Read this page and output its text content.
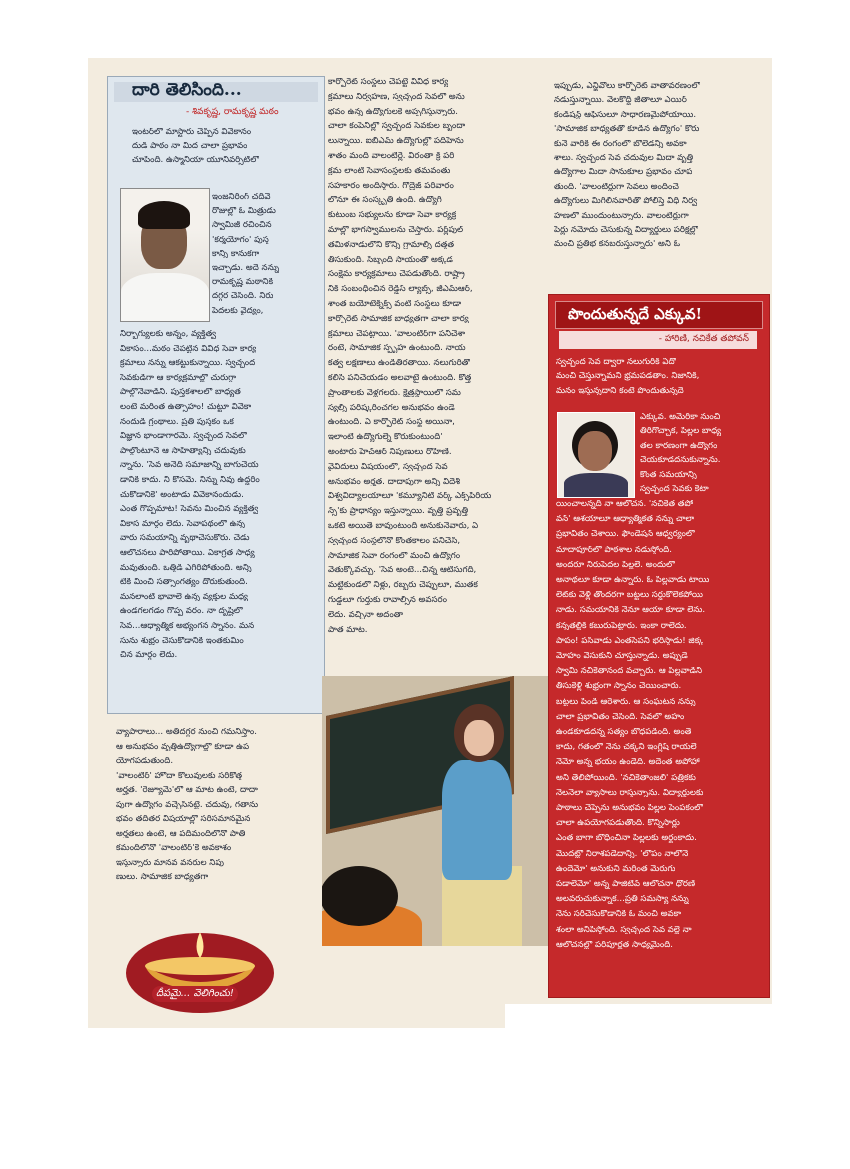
దారి తెలిసింది...
- శివకృష్ణ, రామకృష్ణ మఠం
ఇంటర్‌లో మాస్టారు చెప్పిన వివేకానం
దుడి పాఠం నా మీద చాలా ప్రభావం
చూపింది. ఉస్మానియా యూనివర్సిటీలో
ఇంజనీరింగ్ చదివే
రోజుల్లో ఓ మిత్రుడు
స్వామీజీ రచించిన
'కర్మయోగం' పుస్త
కాన్ని కానుకగా
ఇచ్చాడు. అదే నన్ను
రామకృష్ణ మఠానికి
దగ్గర చేసింది. నిరు
పేదలకు వైద్యం,
నిర్భాగ్యులకు అన్నం, వ్యక్తిత్వ
వికాసం...మఠం చేపట్టిన వివిధ సేవా కార్య
క్రమాలు నన్ను ఆకట్టుకున్నాయి. స్వచ్ఛంద
సేవకుడిగా ఆ కార్యక్రమాల్లో చురుగ్గా
పాల్గొనేవాడిని. పుస్తకశాలలో బాధ్యత
లంటే మరింత ఉత్సాహం! చుట్టూ వివేకా
నందుడి గ్రంథాలు. ప్రతి పుస్తకం ఒక
విజ్ఞాన భాండాగారమే. స్వచ్ఛంద సేవలో
పాల్గొంటూనే ఆ సాహిత్యాన్ని చదువుకు
న్నాను. 'సేవ అనేది సమాజాన్ని బాగుచేయ
డానికి కాదు. నీ కోసమే. నిన్ను నీవు ఉద్ధరిం
చుకోడానికే' అంటాడు వివేకానందుడు.
ఎంత గొప్పమాట! సేవను మించిన వ్యక్తిత్వ
వికాస మార్గం లేదు. సేవాపథంలో ఉన్న
వారు సమయాన్ని వృథాచేసుకోరు. చెడు
ఆలోచనలు పారిపోతాయి. ఏకాగ్రత సాధ్య
మవుతుంది. ఒత్తిడి ఎగిరిపోతుంది. అన్ని
టికీ మించి సత్సాంగత్యం దొరుకుతుంది.
మనలాంటి భావాలే ఉన్న వ్యక్తుల మధ్య
ఉండగలగడం గొప్ప వరం. నా దృష్టిలో
సేవ...ఆధ్యాత్మిక అభ్యంగన స్నానం. మన
సును శుభ్రం చేసుకోడానికి ఇంతకుమిం
చిన మార్గం లేదు.
కార్పొరేట్ సంస్థలు చేపట్టే వివిధ కార్య
క్రమాలు నిర్వహణ, స్వచ్ఛంద సేవలో అను
భవం ఉన్న ఉద్యోగులకే అప్పగిస్తున్నారు.
చాలా కంపెనీల్లో స్వచ్ఛంద సేవకుల బృందా
లున్నాయి. ఐబీఎమ్ ఉద్యోగుల్లో పదిహేను
శాతం మంది వాలంటీర్లే. వీరంతా క్రి పరి
క్రమ లాంటి సేవాసంస్థలకు తమవంతు
సహకారం అందిస్తారు. గోద్రెజ్ పరివారం
లోనూ ఈ సంస్కృతి ఉంది. ఉద్యోగి
కుటుంబ సభ్యులను కూడా సేవా కార్యక్ర
మాల్లో భాగస్వాములను చేస్తారు. పర్ల్‌పుల్
తమిళనాడులోని కొన్ని గ్రామాల్ని దత్తత
తీసుకుంది. సిబ్బంది సాయంతో అక్కడ
సంక్షేమ కార్యక్రమాలు చేపడుతోంది. రాష్ట్రా
నికి సంబంధించిన రెడ్డీస్ ల్యాబ్స్, జీఎమ్ఆర్,
శాంత బయోటెక్నిక్స్ వంటి సంస్థలు కూడా
కార్పొరేట్ సామాజిక బాధ్యతగా చాలా కార్య
క్రమాలు చేపట్టాయి. 'వాలంటీర్‌గా పనిచేశా
రంటే, సామాజిక స్పృహ ఉంటుంది. నాయ
కత్వ లక్షణాలు ఉండితీరతాయి. నలుగురితో
కలిసి పనిచేయడం అలవాటై ఉంటుంది. కొత్త
ప్రాంతాలకు వెళ్లగలరు. క్షేత్రస్థాయిలో సమ
స్యల్ని పరిష్కరించగల అనుభవం ఉండే
ఉంటుంది. ఏ కార్పొరేట్ సంస్థ అయినా,
ఇలాంటి ఉద్యోగుల్నే కోరుకుంటుంది'
అంటారు హెచ్ఆర్ నిపుణులు రోహిణి.
వైవిదులు విషయంలో, స్వచ్ఛంద సేవ
అనుభవం అర్హత. దాదాపుగా అన్ని విదేశీ
విశ్వవిద్యాలయాలూ 'కమ్యూనిటీ వర్క్ ఎక్స్‌పీరియ
న్స్'కు ప్రాధాన్యం ఇస్తున్నాయి. వృత్తి ప్రవృత్తీ
ఒకటే అయితే బావుంటుంది అనుకునేవారు, ఏ
స్వచ్ఛంద సంస్థలోనో కొంతకాలం పనిచేసి,
సామాజిక సేవా రంగంలో మంచి ఉద్యోగం
వెతుక్కోవచ్చు. 'సేవ అంటే...చిన్న ఆటిసుగది,
మట్టికుండలో నీళ్లు, రబ్బరు చెప్పులూ, ముతక
గుడ్డలూ గుర్తుకు రావాల్సిన అవసరం
లేదు. వచ్చినా అదంతా
పాత మాట.
వ్యాపారాలు... అతిదగ్గర నుంచి గమనిస్తాం.
ఆ అనుభవం వృత్తిఉద్యోగాల్లో కూడా ఉప
యోగపడుతుంది.
'వాలంటీర్' హోదా కొలువులకు సరికొత్త
అర్హత. 'రెజ్యూమే'లో ఆ మాట ఉంటే, దాదా
పుగా ఉద్యోగం వచ్చేసినట్టే. చదువు, గతాను
భవం తదితర విషయాల్లో సరిసమానమైన
అర్హతలు ఉంటే, ఆ పదిమందిలోనో పాతి
కమందిలోనో 'వాలంటీర్'కే అవకాశం
ఇస్తున్నారు మానవ వనరుల నిపు
ణులు. సామాజిక బాధ్యతగా
ఇప్పుడు, ఎన్జీవోలు కార్పొరేట్ వాతావరణంలో
నడుస్తున్నాయి. వేలకొద్దీ జీతాలూ ఎయిర్
కండిషన్డ్ ఆఫీసులూ సాధారణమైపోయాయి.
'సామాజిక బాధ్యతతో కూడిన ఉద్యోగం' కోరు
కునే వారికి ఈ రంగంలో బోలెడన్ని అవకా
శాలు. స్వచ్ఛంద సేవ చదువుల మీదా వృత్తి
ఉద్యోగాల మీదా సానుకూల ప్రభావం చూప
తుంది. 'వాలంటీర్లుగా సేవలు అందించే
ఉద్యోగులు మిగిలినవారితో పోలిస్తే విధి నిర్వ
హణలో ముందుంటున్నారు. వాలంటీర్లుగా
పేర్లు నమోదు చేసుకున్న విద్యార్థులు పరీక్షల్లో
మంచి ప్రతిభ కనబరుస్తున్నారు' అని ఓ
పొందుతున్నదే ఎక్కువ!
- హారిణి, నచికేత తపోవన్
స్వచ్ఛంద సేవ ద్వారా నలుగురికి ఏదో
మంచి చేస్తున్నామని భ్రమపడతాం. నిజానికి,
మనం ఇస్తున్నదాని కంటే పొందుతున్నదే
ఎక్కువ. అమెరికా నుంచి
తిరిగొచ్చాక, పిల్లల బాధ్య
తల కారణంగా ఉద్యోగం
చేయకూడదనుకున్నాను.
కొంత సమయాన్ని
స్వచ్ఛంద సేవకు కేటా
యించాలన్నది నా ఆలోచన. 'నచికేత తపో
వన్' ఆశయాలూ ఆధ్యాత్మికత నన్ను చాలా
ప్రభావితం చేశాయి. ఫౌండేషన్ ఆధ్వర్యంలో
మాదాపూర్‌లో పాఠశాల నడుస్తోంది.
అందరూ నిరుపేదల పిల్లలే. అందులో
అనాథలూ కూడా ఉన్నారు. ఓ పిల్లవాడు టాయి
లెట్‌కు వెళ్లి తొందరగా బట్టలు సర్దుకోలేకపోయి
నాడు. సమయానికి నేనూ ఆయా కూడా లేను.
కన్నతల్లికి కబురుపెట్టారు. ఇంకా రాలేదు.
పాపం! పసివాడు ఎంతసేపని భరిస్తాడు! జిక్క
మోహం వేసుకుని చూస్తున్నాడు. అప్పుడే
స్వామి నచికేతానంద వచ్చారు. ఆ పిల్లవాడిని
తీసుకెళ్లి శుభ్రంగా స్నానం చేయించారు.
బట్టలు పిండి ఆరేశారు. ఆ సంఘటన నన్ను
చాలా ప్రభావితం చేసింది. సేవలో అహం
ఉండకూడదన్న సత్యం బోధపడింది. అంతే
కాదు, గతంలో నేను చక్కని ఇంగ్లిష్ రాయలే
నేమో అన్న భయం ఉండేది. అదెంత అపోహా
అని తేలిపోయింది. 'నచికేతాంజలి' పత్రికకు
నెలనెలా వ్యాసాలు రాస్తున్నాను. విద్యార్థులకు
పాఠాలు చెప్పేను అనుభవం పిల్లల పెంపకంలో
చాలా ఉపయోగపడుతోంది. కొన్నిసార్లు
ఎంత బాగా బోధించినా పిల్లలకు అర్థంకాదు.
మొదట్లో నిరాశపడేదాన్ని. 'లోపం నాలోనే
ఉందేమో' అనుకుని మరింత మెరుగు
పడాలేమో' అన్న పాజిటివ్ ఆలోచనా ధోరణి
అలవరుచుకున్నాక...ప్రతి సమస్యా నన్ను
నేను సరిచేసుకోడానికి ఓ మంచి అవకా
శంలా అనిపిస్తోంది. స్వచ్ఛంద సేవ వల్లే నా
ఆలోచనల్లో పరిపూర్ణత సాధ్యమైంది.
దీపమై... వెలిగించు!
